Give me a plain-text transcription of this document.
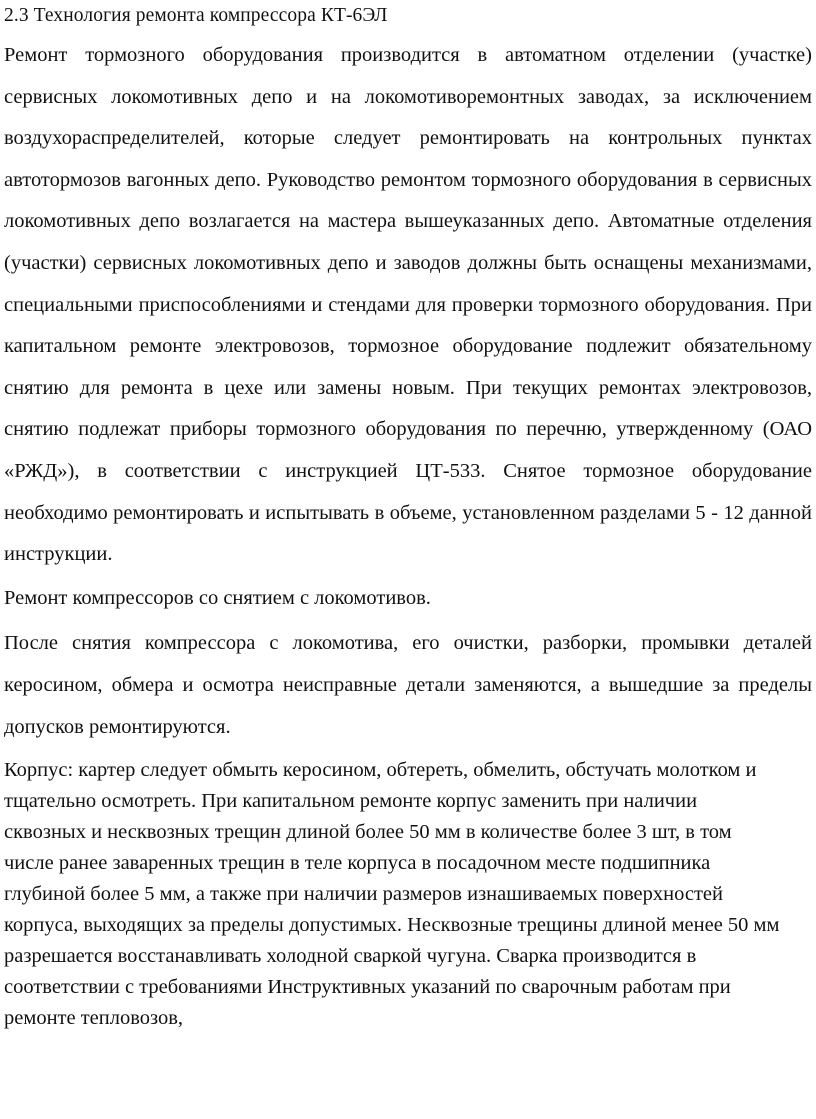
2.3 Технология ремонта компрессора КТ-6ЭЛ

Ремонт тормозного оборудования производится в автоматном отделении (участке) сервисных локомотивных депо и на локомотиворемонтных заводах, за исключением воздухораспределителей, которые следует ремонтировать на контрольных пунктах автотормозов вагонных депо. Руководство ремонтом тормозного оборудования в сервисных локомотивных депо возлагается на мастера вышеуказанных депо. Автоматные отделения (участки) сервисных локомотивных депо и заводов должны быть оснащены механизмами, специальными приспособлениями и стендами для проверки тормозного оборудования. При капитальном ремонте электровозов, тормозное оборудование подлежит обязательному снятию для ремонта в цехе или замены новым. При текущих ремонтах электровозов, снятию подлежат приборы тормозного оборудования по перечню, утвержденному (ОАО «РЖД»), в соответствии с инструкцией ЦТ-533. Снятое тормозное оборудование необходимо ремонтировать и испытывать в объеме, установленном разделами 5 - 12 данной инструкции.

Ремонт компрессоров со снятием с локомотивов.

После снятия компрессора с локомотива, его очистки, разборки, промывки деталей керосином, обмера и осмотра неисправные детали заменяются, а вышедшие за пределы допусков ремонтируются.

Корпус: картер следует обмыть керосином, обтереть, обмелить, обстучать молотком и тщательно осмотреть. При капитальном ремонте корпус заменить при наличии сквозных и несквозных трещин длиной более 50 мм в количестве более 3 шт, в том числе ранее заваренных трещин в теле корпуса в посадочном месте подшипника глубиной более 5 мм, а также при наличии размеров изнашиваемых поверхностей корпуса, выходящих за пределы допустимых. Несквозные трещины длиной менее 50 мм разрешается восстанавливать холодной сваркой чугуна. Сварка производится в соответствии с требованиями Инструктивных указаний по сварочным работам при ремонте тепловозов,
